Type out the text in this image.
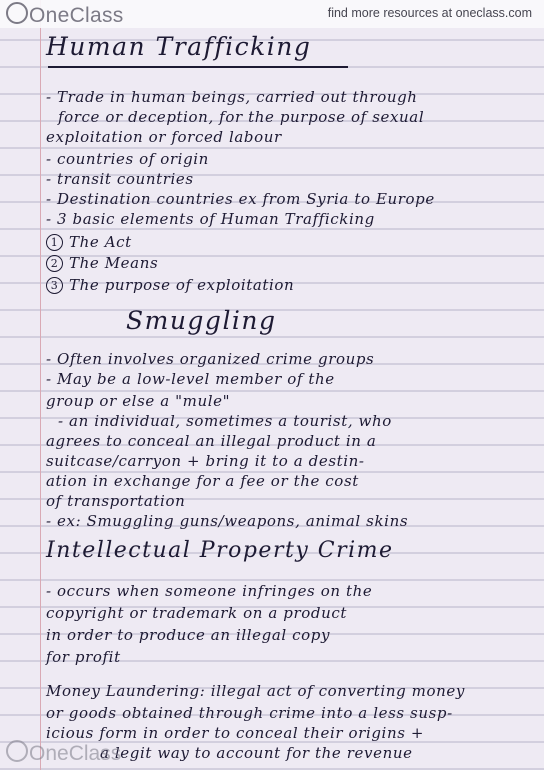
OneClass	find more resources at oneclass.com
Human Trafficking
- Trade in human beings, carried out through
force or deception, for the purpose of sexual
exploitation or forced labour
- countries of origin
- transit countries
- Destination countries ex from Syria to Europe
- 3 basic elements of Human Trafficking
1 The Act
2 The Means
3 The purpose of exploitation
Smuggling
- Often involves organized crime groups
- May be a low-level member of the
group or else a "mule"
- an individual, sometimes a tourist, who
agrees to conceal an illegal product in a
suitcase/carryon + bring it to a destin-
ation in exchange for a fee or the cost
of transportation
- ex: Smuggling guns/weapons, animal skins
Intellectual Property Crime
- occurs when someone infringes on the
copyright or trademark on a product
in order to produce an illegal copy
for profit
Money Laundering: illegal act of converting money
or goods obtained through crime into a less susp-
icious form in order to conceal their origins +
a legit way to account for the revenue
OneClass
